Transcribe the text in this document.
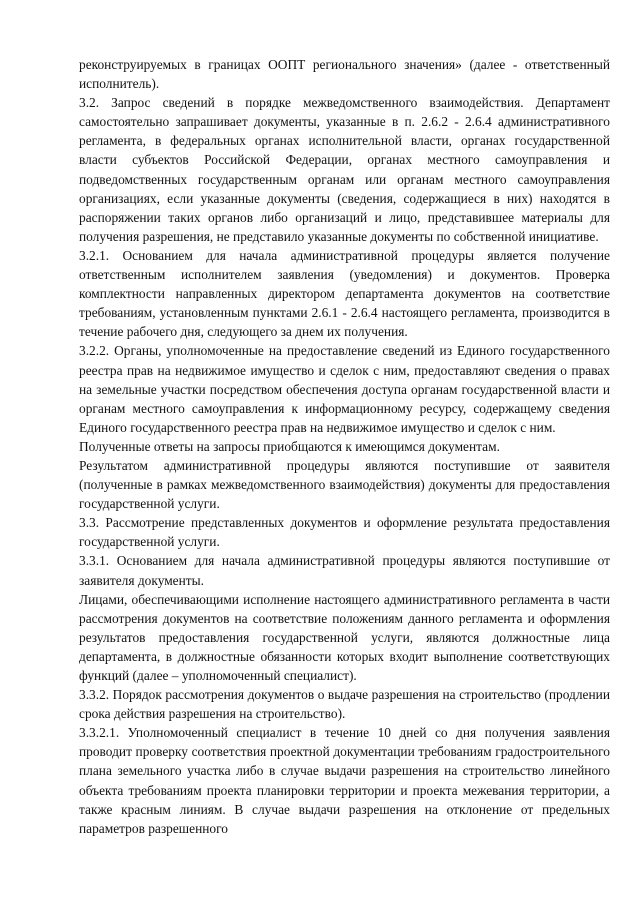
реконструируемых в границах ООПТ регионального значения» (далее - ответственный исполнитель).

3.2. Запрос сведений в порядке межведомственного взаимодействия. Департамент самостоятельно запрашивает документы, указанные в п. 2.6.2 - 2.6.4 административного регламента, в федеральных органах исполнительной власти, органах государственной власти субъектов Российской Федерации, органах местного самоуправления и подведомственных государственным органам или органам местного самоуправления организациях, если указанные документы (сведения, содержащиеся в них) находятся в распоряжении таких органов либо организаций и лицо, представившее материалы для получения разрешения, не представило указанные документы по собственной инициативе.

3.2.1. Основанием для начала административной процедуры является получение ответственным исполнителем заявления (уведомления) и документов. Проверка комплектности направленных директором департамента документов на соответствие требованиям, установленным пунктами 2.6.1 - 2.6.4 настоящего регламента, производится в течение рабочего дня, следующего за днем их получения.

3.2.2. Органы, уполномоченные на предоставление сведений из Единого государственного реестра прав на недвижимое имущество и сделок с ним, предоставляют сведения о правах на земельные участки посредством обеспечения доступа органам государственной власти и органам местного самоуправления к информационному ресурсу, содержащему сведения Единого государственного реестра прав на недвижимое имущество и сделок с ним.

Полученные ответы на запросы приобщаются к имеющимся документам.

Результатом административной процедуры являются поступившие от заявителя (полученные в рамках межведомственного взаимодействия) документы для предоставления государственной услуги.

3.3. Рассмотрение представленных документов и оформление результата предоставления государственной услуги.

3.3.1. Основанием для начала административной процедуры являются поступившие от заявителя документы.

Лицами, обеспечивающими исполнение настоящего административного регламента в части рассмотрения документов на соответствие положениям данного регламента и оформления результатов предоставления государственной услуги, являются должностные лица департамента, в должностные обязанности которых входит выполнение соответствующих функций (далее – уполномоченный специалист).

3.3.2. Порядок рассмотрения документов о выдаче разрешения на строительство (продлении срока действия разрешения на строительство).

3.3.2.1. Уполномоченный специалист в течение 10 дней со дня получения заявления проводит проверку соответствия проектной документации требованиям градостроительного плана земельного участка либо в случае выдачи разрешения на строительство линейного объекта требованиям проекта планировки территории и проекта межевания территории, а также красным линиям. В случае выдачи разрешения на отклонение от предельных параметров разрешенного
